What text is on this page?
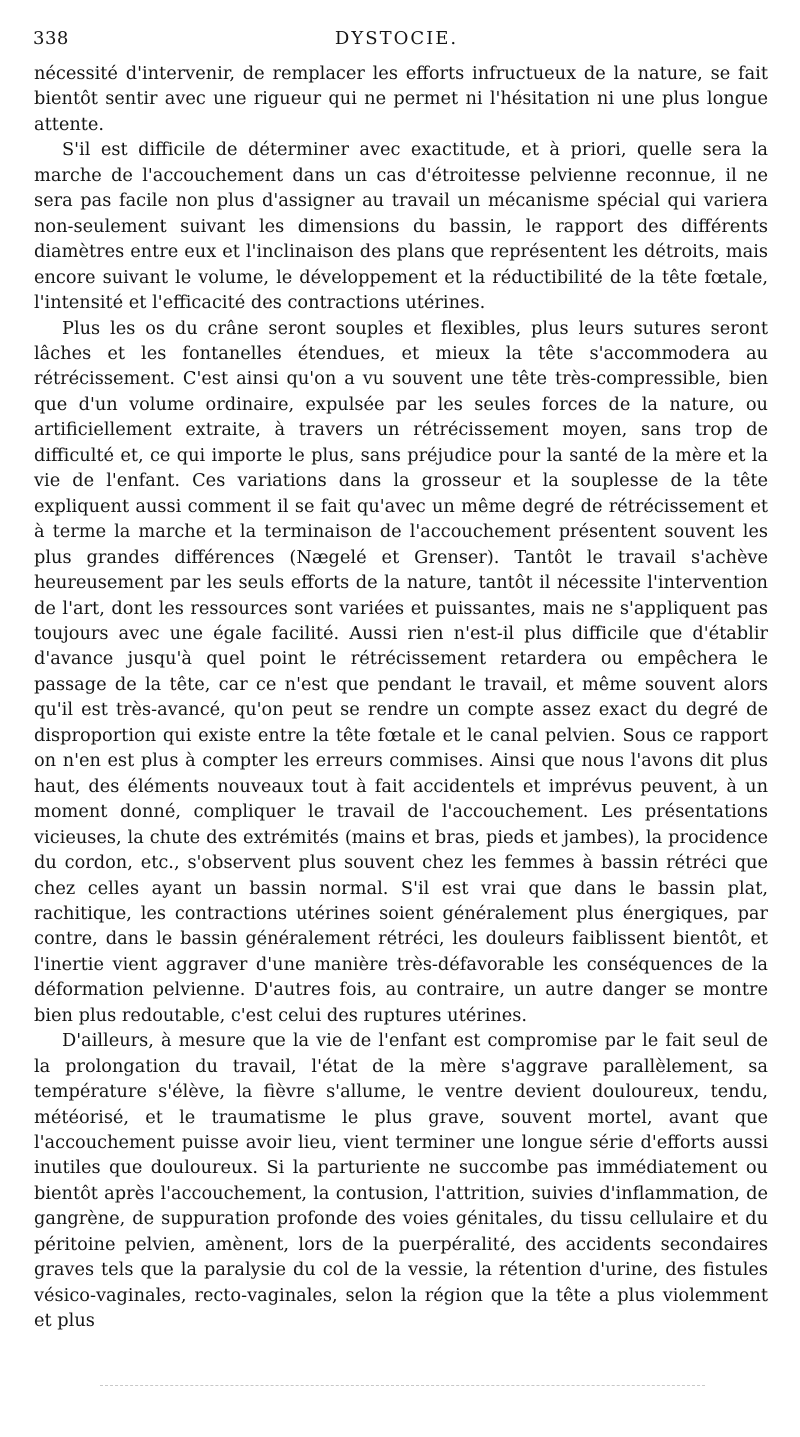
338	DYSTOCIE.

nécessité d'intervenir, de remplacer les efforts infructueux de la nature, se fait bientôt sentir avec une rigueur qui ne permet ni l'hésitation ni une plus longue attente.

S'il est difficile de déterminer avec exactitude, et à priori, quelle sera la marche de l'accouchement dans un cas d'étroitesse pelvienne reconnue, il ne sera pas facile non plus d'assigner au travail un mécanisme spécial qui variera non-seulement suivant les dimensions du bassin, le rapport des différents diamètres entre eux et l'inclinaison des plans que représentent les détroits, mais encore suivant le volume, le développement et la réductibilité de la tête fœtale, l'intensité et l'efficacité des contractions utérines.

Plus les os du crâne seront souples et flexibles, plus leurs sutures seront lâches et les fontanelles étendues, et mieux la tête s'accommodera au rétrécissement. C'est ainsi qu'on a vu souvent une tête très-compressible, bien que d'un volume ordinaire, expulsée par les seules forces de la nature, ou artificiellement extraite, à travers un rétrécissement moyen, sans trop de difficulté et, ce qui importe le plus, sans préjudice pour la santé de la mère et la vie de l'enfant. Ces variations dans la grosseur et la souplesse de la tête expliquent aussi comment il se fait qu'avec un même degré de rétrécissement et à terme la marche et la terminaison de l'accouchement présentent souvent les plus grandes différences (Nægelé et Grenser). Tantôt le travail s'achève heureusement par les seuls efforts de la nature, tantôt il nécessite l'intervention de l'art, dont les ressources sont variées et puissantes, mais ne s'appliquent pas toujours avec une égale facilité. Aussi rien n'est-il plus difficile que d'établir d'avance jusqu'à quel point le rétrécissement retardera ou empêchera le passage de la tête, car ce n'est que pendant le travail, et même souvent alors qu'il est très-avancé, qu'on peut se rendre un compte assez exact du degré de disproportion qui existe entre la tête fœtale et le canal pelvien. Sous ce rapport on n'en est plus à compter les erreurs commises. Ainsi que nous l'avons dit plus haut, des éléments nouveaux tout à fait accidentels et imprévus peuvent, à un moment donné, compliquer le travail de l'accouchement. Les présentations vicieuses, la chute des extrémités (mains et bras, pieds et jambes), la procidence du cordon, etc., s'observent plus souvent chez les femmes à bassin rétréci que chez celles ayant un bassin normal. S'il est vrai que dans le bassin plat, rachitique, les contractions utérines soient généralement plus énergiques, par contre, dans le bassin généralement rétréci, les douleurs faiblissent bientôt, et l'inertie vient aggraver d'une manière très-défavorable les conséquences de la déformation pelvienne. D'autres fois, au contraire, un autre danger se montre bien plus redoutable, c'est celui des ruptures utérines.

D'ailleurs, à mesure que la vie de l'enfant est compromise par le fait seul de la prolongation du travail, l'état de la mère s'aggrave parallèlement, sa température s'élève, la fièvre s'allume, le ventre devient douloureux, tendu, météorisé, et le traumatisme le plus grave, souvent mortel, avant que l'accouchement puisse avoir lieu, vient terminer une longue série d'efforts aussi inutiles que douloureux. Si la parturiente ne succombe pas immédiatement ou bientôt après l'accouchement, la contusion, l'attrition, suivies d'inflammation, de gangrène, de suppuration profonde des voies génitales, du tissu cellulaire et du péritoine pelvien, amènent, lors de la puerpéralité, des accidents secondaires graves tels que la paralysie du col de la vessie, la rétention d'urine, des fistules vésico-vaginales, recto-vaginales, selon la région que la tête a plus violemment et plus
